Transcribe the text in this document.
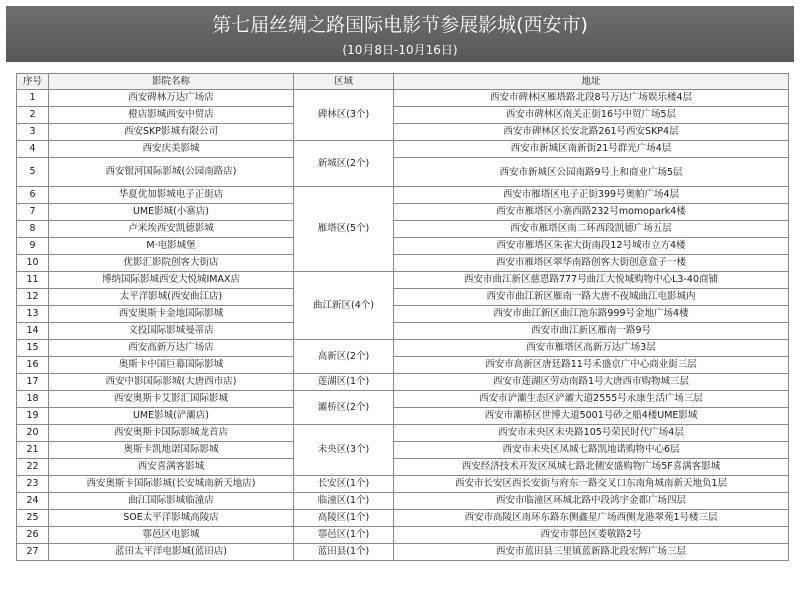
第七届丝绸之路国际电影节参展影城(西安市)
(10月8日-10月16日)
序号	影院名称	区域	地址
1	西安碑林万达广场店	碑林区(3个)	西安市碑林区雁塔路北段8号万达广场娱乐楼4层
2	橙店影城西安中贸店		西安市碑林区南关正街16号中贸广场5层
3	西安SKP影城有限公司		西安市碑林区长安北路261号西安SKP4层
4	西安庆美影城	新城区(2个)	西安市新城区南新街21号群光广场4层
5	西安银河国际影城(公园南路店)		西安市新城区公园南路9号上和商业广场5层
6	华夏优加影城电子正街店	雁塔区(5个)	西安市雁塔区电子正街399号奥帕广场4层
7	UME影城(小寨店)		西安市雁塔区小寨西路232号momopark4楼
8	卢米埃西安凯德影城		西安市雁塔区南二环西段凯德广场五层
9	M·电影城堡		西安市雁塔区朱雀大街南段12号城市立方4楼
10	优影汇影院创客大街店		西安市雁塔区翠华南路创客大街创意盒子一楼
11	博纳国际影城西安大悦城IMAX店	曲江新区(4个)	西安市曲江新区慈恩路777号曲江大悦城购物中心L3-40商铺
12	太平洋影城(西安曲江店)		西安市曲江新区雁南一路大唐不夜城曲江电影城内
13	西安奥斯卡金地国际影城		西安市曲江新区曲江池东路999号金地广场4楼
14	文投国际影城曼蒂店		西安市曲江新区雁南一路9号
15	西安高新万达广场店	高新区(2个)	西安市雁塔区高新万达广场3层
16	奥斯卡中国巨幕国际影城		西安市高新区唐廷路11号禾盛京广中心商业街三层
17	西安中影国际影城(大唐西市店)	莲湖区(1个)	西安市莲湖区劳动南路1号大唐西市购物城三层
18	西安奥斯卡艾影汇国际影城	灞桥区(2个)	西安市浐灞生态区浐灞大道2555号永康生活广场三层
19	UME影城(浐灞店)		西安市灞桥区世博大道5001号砂之船4楼UME影城
20	西安奥斯卡国际影城龙首店	未央区(3个)	西安市未央区未央路105号荣民时代广场4层
21	奥斯卡凯地诺国际影城		西安市未央区凤城七路凯地诺购物中心6层
22	西安喜满客影城		西安经济技术开发区凤城七路北侧安盛购物广场5F喜满客影城
23	西安奥斯卡国际影城(长安城南新天地店)	长安区(1个)	西安市长安区西长安街与府东一路交叉口东南角城南新天地负1层
24	曲江国际影城临潼店	临潼区(1个)	西安市临潼区环城北路中段鸿宇金都广场四层
25	SOE太平洋影城高陵店	高陵区(1个)	西安市高陵区南环东路东侧鑫星广场西侧龙港翠苑1号楼三层
26	鄠邑区电影城	鄠邑区(1个)	西安市鄠邑区娄敬路2号
27	蓝田太平洋电影城(蓝田店)	蓝田县(1个)	西安市蓝田县三里镇蓝新路北段宏辉广场三层
